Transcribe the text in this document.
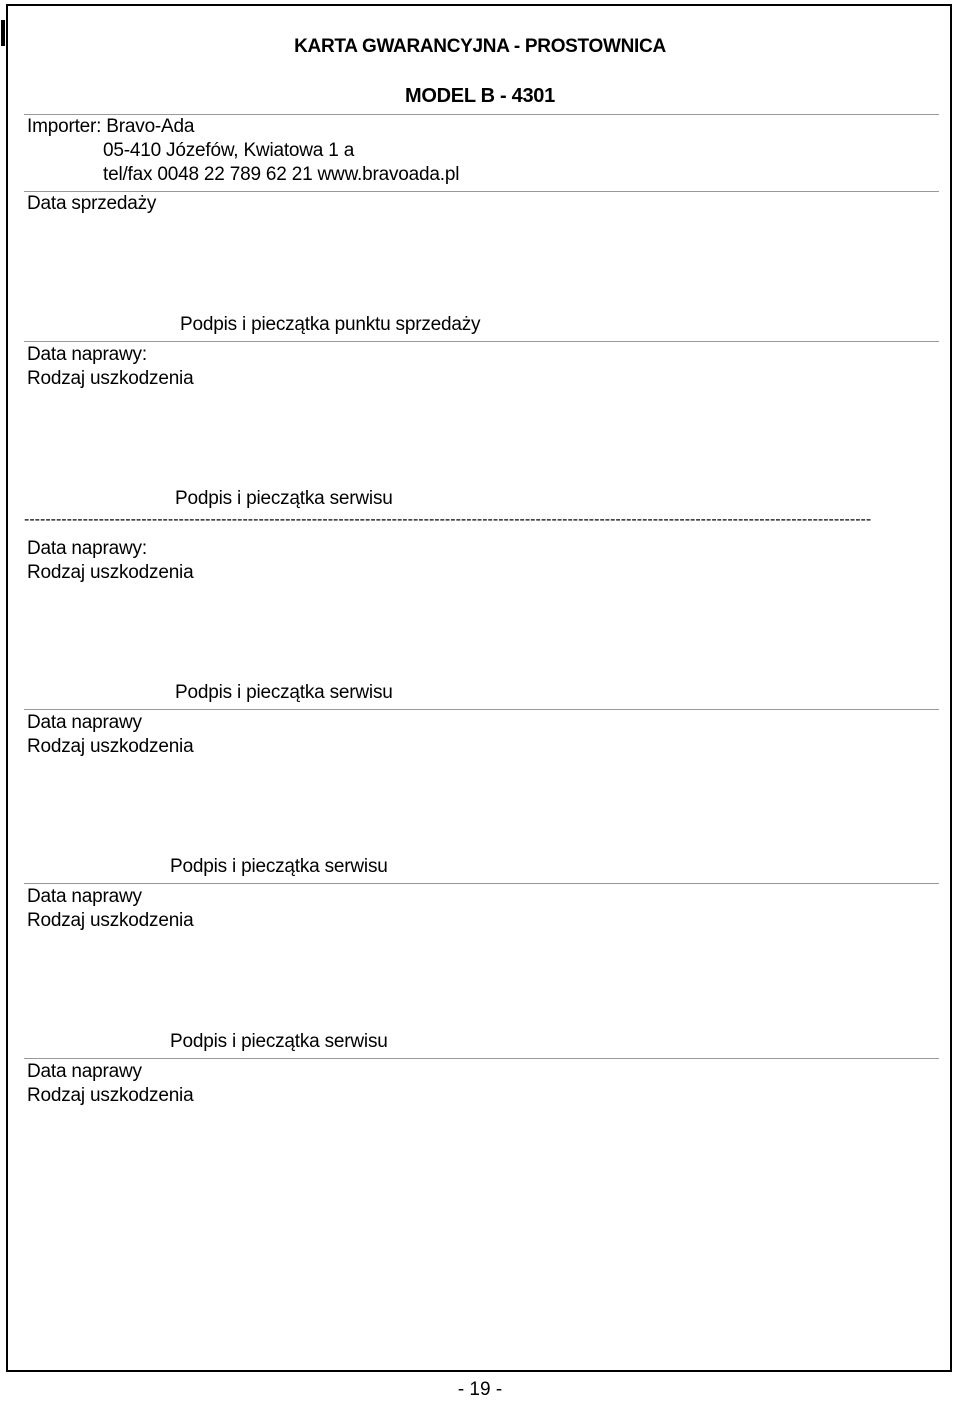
KARTA GWARANCYJNA - PROSTOWNICA
MODEL B - 4301
Importer: Bravo-Ada
05-410 Józefów, Kwiatowa 1 a
tel/fax 0048 22 789 62 21 www.bravoada.pl
Data sprzedaży
Podpis i pieczątka punktu sprzedaży
Data naprawy:
Rodzaj uszkodzenia
Podpis i pieczątka serwisu
---------------------------------------------------------------------------------------------------------------------------------------------------------------
Data naprawy:
Rodzaj uszkodzenia
Podpis i pieczątka serwisu
Data naprawy
Rodzaj uszkodzenia
Podpis i pieczątka serwisu
Data naprawy
Rodzaj uszkodzenia
Podpis i pieczątka serwisu
Data naprawy
Rodzaj uszkodzenia
- 19 -
